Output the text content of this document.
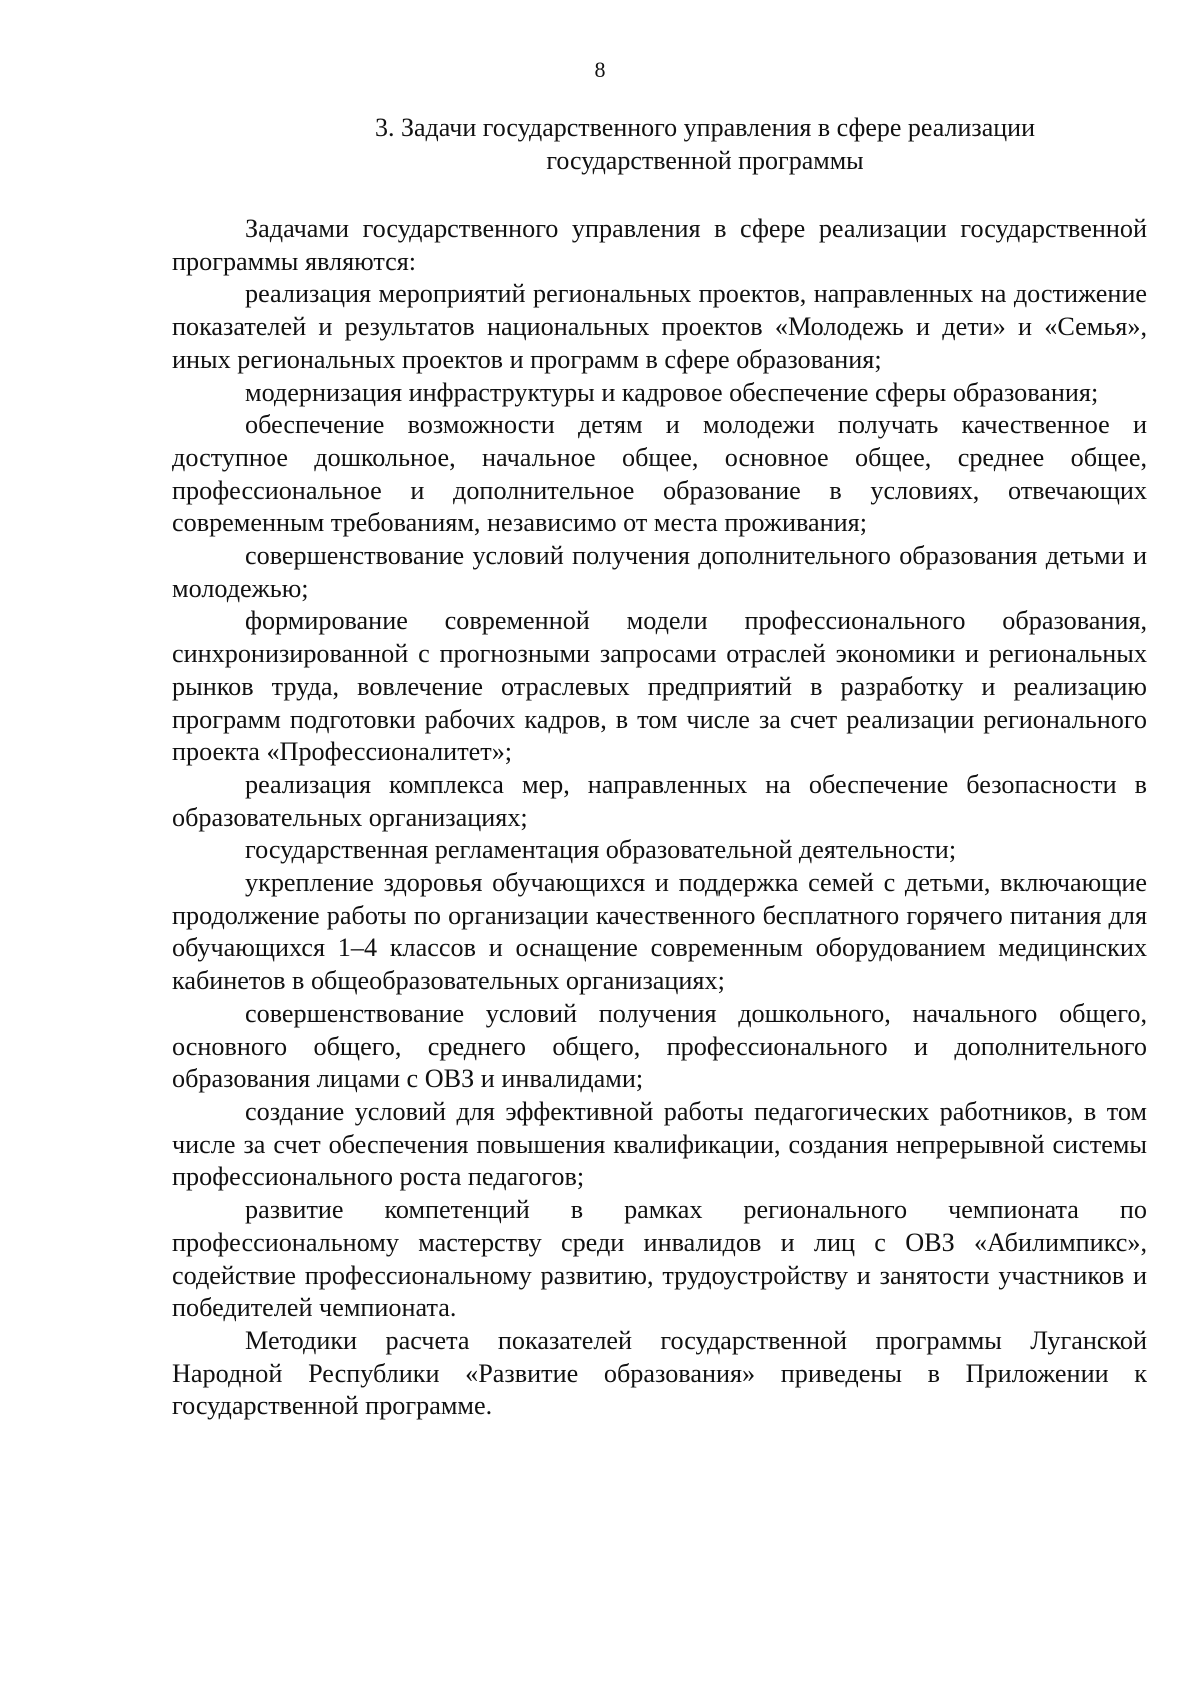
8
3. Задачи государственного управления в сфере реализации
государственной программы

Задачами государственного управления в сфере реализации государственной программы являются:

реализация мероприятий региональных проектов, направленных на достижение показателей и результатов национальных проектов «Молодежь и дети» и «Семья», иных региональных проектов и программ в сфере образования;

модернизация инфраструктуры и кадровое обеспечение сферы образования;

обеспечение возможности детям и молодежи получать качественное и доступное дошкольное, начальное общее, основное общее, среднее общее, профессиональное и дополнительное образование в условиях, отвечающих современным требованиям, независимо от места проживания;

совершенствование условий получения дополнительного образования детьми и молодежью;

формирование современной модели профессионального образования, синхронизированной с прогнозными запросами отраслей экономики и региональных рынков труда, вовлечение отраслевых предприятий в разработку и реализацию программ подготовки рабочих кадров, в том числе за счет реализации регионального проекта «Профессионалитет»;

реализация комплекса мер, направленных на обеспечение безопасности в образовательных организациях;

государственная регламентация образовательной деятельности;

укрепление здоровья обучающихся и поддержка семей с детьми, включающие продолжение работы по организации качественного бесплатного горячего питания для обучающихся 1–4 классов и оснащение современным оборудованием медицинских кабинетов в общеобразовательных организациях;

совершенствование условий получения дошкольного, начального общего, основного общего, среднего общего, профессионального и дополнительного образования лицами с ОВЗ и инвалидами;

создание условий для эффективной работы педагогических работников, в том числе за счет обеспечения повышения квалификации, создания непрерывной системы профессионального роста педагогов;

развитие компетенций в рамках регионального чемпионата по профессиональному мастерству среди инвалидов и лиц с ОВЗ «Абилимпикс», содействие профессиональному развитию, трудоустройству и занятости участников и победителей чемпионата.

Методики расчета показателей государственной программы Луганской Народной Республики «Развитие образования» приведены в Приложении к государственной программе.
